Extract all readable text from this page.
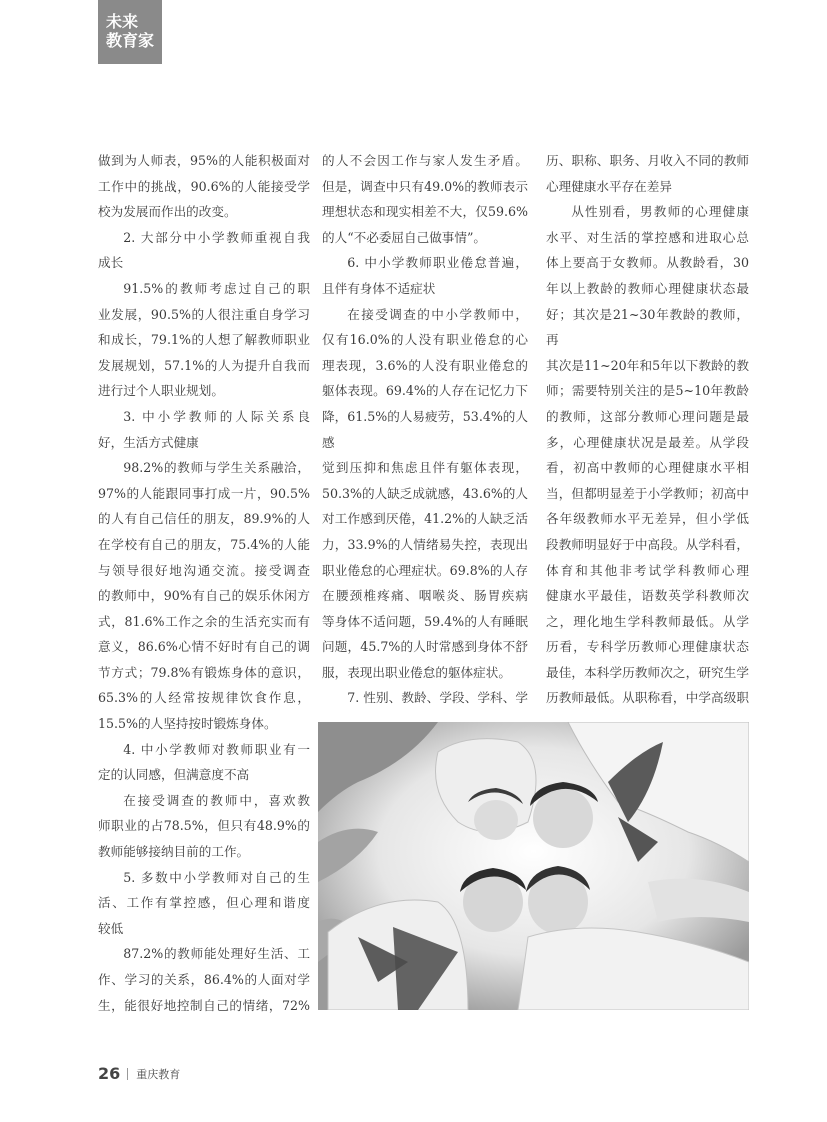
未来
教育家

做到为人师表，95%的人能积极面对

工作中的挑战，90.6%的人能接受学

校为发展而作出的改变。

2. 大部分中小学教师重视自我

成长

91.5%的教师考虑过自己的职

业发展，90.5%的人很注重自身学习

和成长，79.1%的人想了解教师职业

发展规划，57.1%的人为提升自我而

进行过个人职业规划。

3. 中小学教师的人际关系良

好，生活方式健康

98.2%的教师与学生关系融洽，

97%的人能跟同事打成一片，90.5%

的人有自己信任的朋友，89.9%的人

在学校有自己的朋友，75.4%的人能

与领导很好地沟通交流。接受调查

的教师中，90%有自己的娱乐休闲方

式，81.6%工作之余的生活充实而有

意义，86.6%心情不好时有自己的调

节方式；79.8%有锻炼身体的意识，

65.3%的人经常按规律饮食作息，

15.5%的人坚持按时锻炼身体。

4. 中小学教师对教师职业有一

定的认同感，但满意度不高

在接受调查的教师中，喜欢教

师职业的占78.5%，但只有48.9%的

教师能够接纳目前的工作。

5. 多数中小学教师对自己的生

活、工作有掌控感，但心理和谐度

较低

87.2%的教师能处理好生活、工

作、学习的关系，86.4%的人面对学

生，能很好地控制自己的情绪，72%

的人不会因工作与家人发生矛盾。

但是，调查中只有49.0%的教师表示

理想状态和现实相差不大，仅59.6%

的人“不必委屈自己做事情”。

6. 中小学教师职业倦怠普遍，

且伴有身体不适症状

在接受调查的中小学教师中，

仅有16.0%的人没有职业倦怠的心

理表现，3.6%的人没有职业倦怠的

躯体表现。69.4%的人存在记忆力下

降，61.5%的人易疲劳，53.4%的人感

觉到压抑和焦虑且伴有躯体表现，

50.3%的人缺乏成就感，43.6%的人

对工作感到厌倦，41.2%的人缺乏活

力，33.9%的人情绪易失控，表现出

职业倦怠的心理症状。69.8%的人存

在腰颈椎疼痛、咽喉炎、肠胃疾病

等身体不适问题，59.4%的人有睡眠

问题，45.7%的人时常感到身体不舒

服，表现出职业倦怠的躯体症状。

7. 性别、教龄、学段、学科、学

历、职称、职务、月收入不同的教师

心理健康水平存在差异

从性别看，男教师的心理健康

水平、对生活的掌控感和进取心总

体上要高于女教师。从教龄看，30

年以上教龄的教师心理健康状态最

好；其次是21~30年教龄的教师，再

其次是11~20年和5年以下教龄的教

师；需要特别关注的是5~10年教龄

的教师，这部分教师心理问题是最

多，心理健康状况是最差。从学段

看，初高中教师的心理健康水平相

当，但都明显差于小学教师；初高中

各年级教师水平无差异，但小学低

段教师明显好于中高段。从学科看，

体育和其他非考试学科教师心理

健康水平最佳，语数英学科教师次

之，理化地生学科教师最低。从学

历看，专科学历教师心理健康状态

最佳，本科学历教师次之，研究生学

历教师最低。从职称看，中学高级职

26 重庆教育
